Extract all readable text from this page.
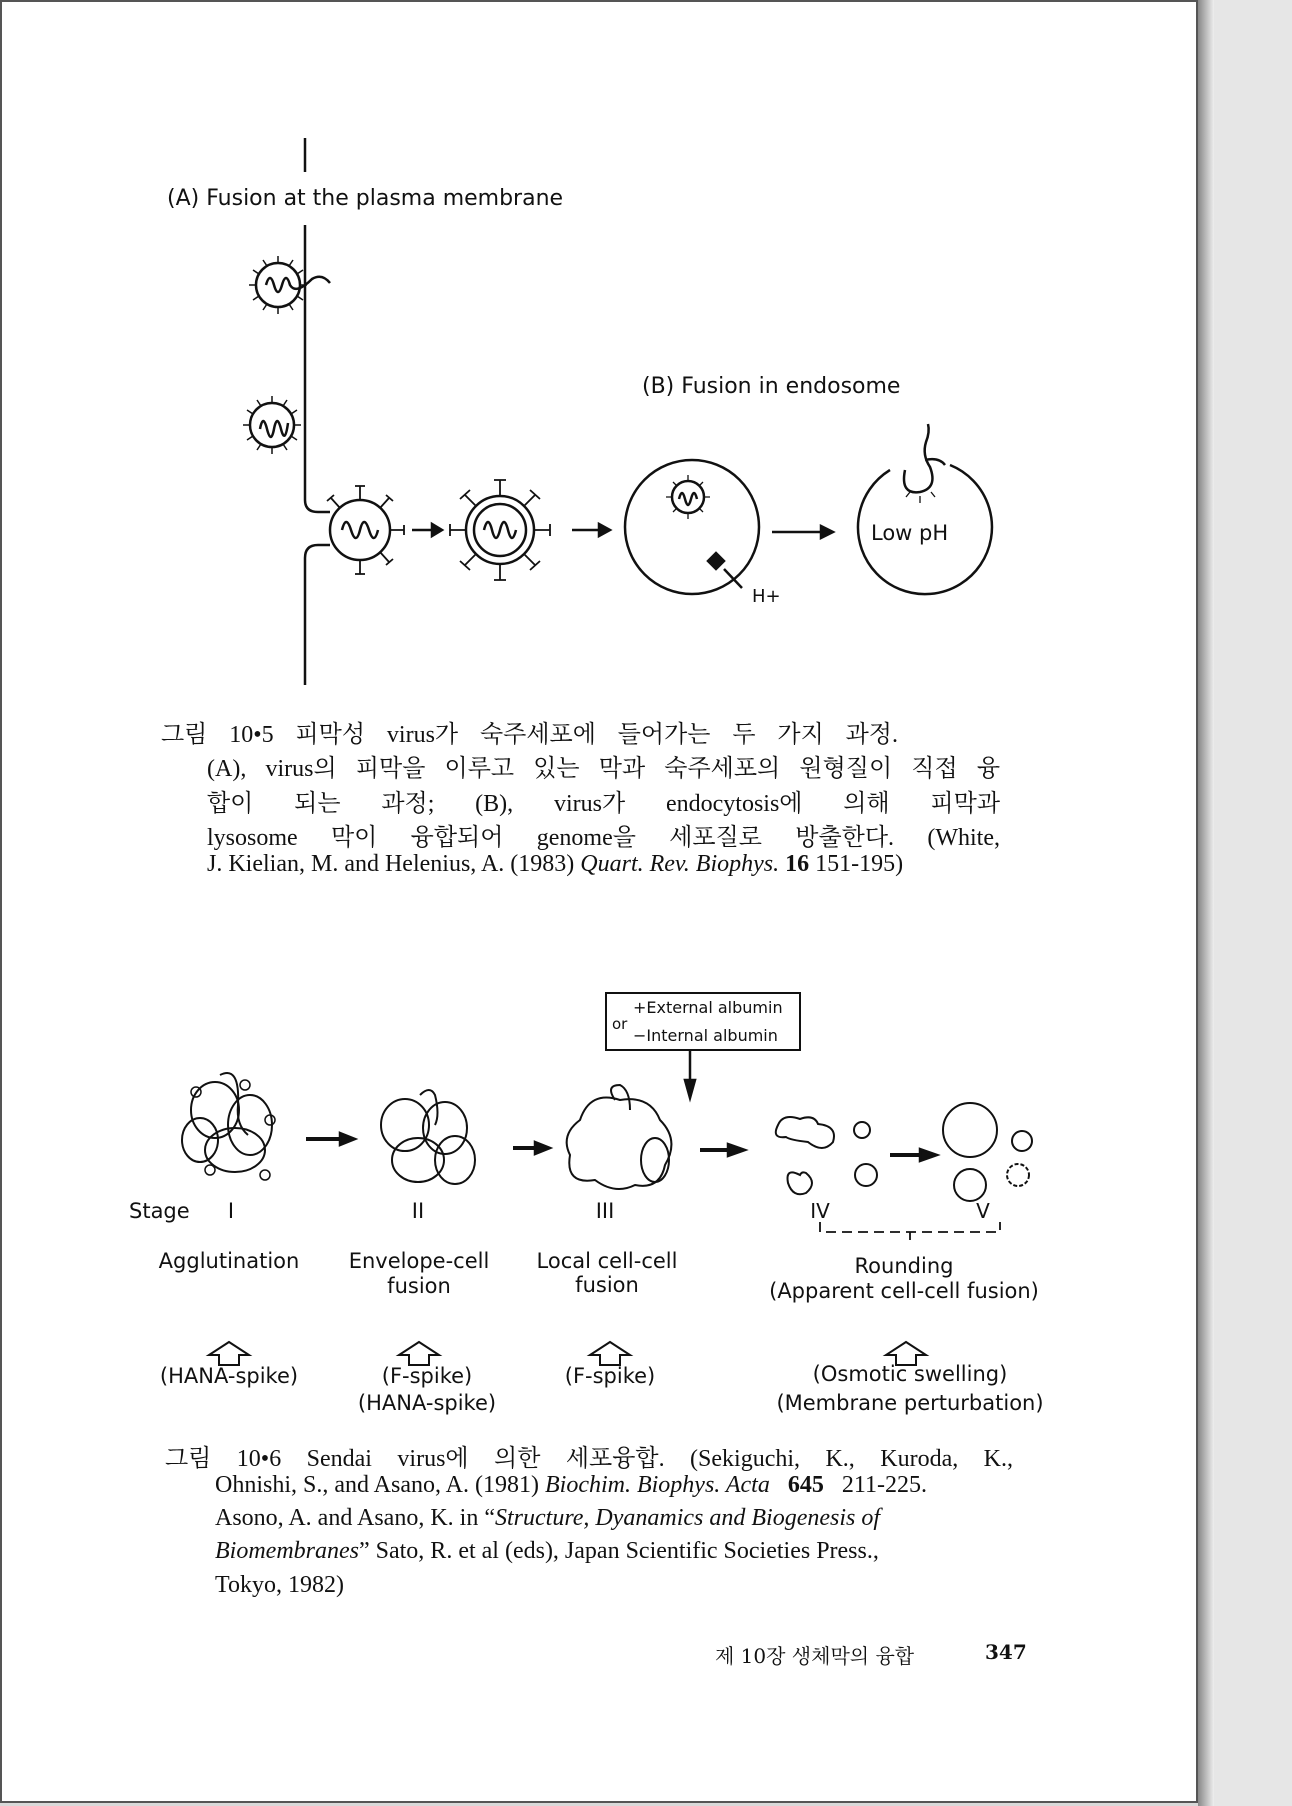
(A) Fusion at the plasma membrane
(B) Fusion in endosome
Low pH
H+
그림 10•5 피막성 virus가 숙주세포에 들어가는 두 가지 과정.
(A), virus의 피막을 이루고 있는 막과 숙주세포의 원형질이 직접 융
합이 되는 과정; (B), virus가 endocytosis에 의해 피막과
lysosome 막이 융합되어 genome을 세포질로 방출한다. (White,
J. Kielian, M. and Helenius, A. (1983) Quart. Rev. Biophys. 16 151-195)
or
+External albumin
−Internal albumin
Stage I	II	III	IV	V
Agglutination Envelope-cell
fusion
Local cell-cell
fusion
Rounding
(Apparent cell-cell fusion)
(HANA-spike)	(F-spike)
(HANA-spike)
(F-spike)	(Osmotic swelling)
(Membrane perturbation)
그림 10•6 Sendai virus에 의한 세포융합. (Sekiguchi, K., Kuroda, K.,
Ohnishi, S., and Asano, A. (1981) Biochim. Biophys. Acta 645 211-225.
Asono, A. and Asano, K. in “Structure, Dyanamics and Biogenesis of
Biomembranes” Sato, R. et al (eds), Japan Scientific Societies Press.,
Tokyo, 1982)
제 10장 생체막의 융합	347
